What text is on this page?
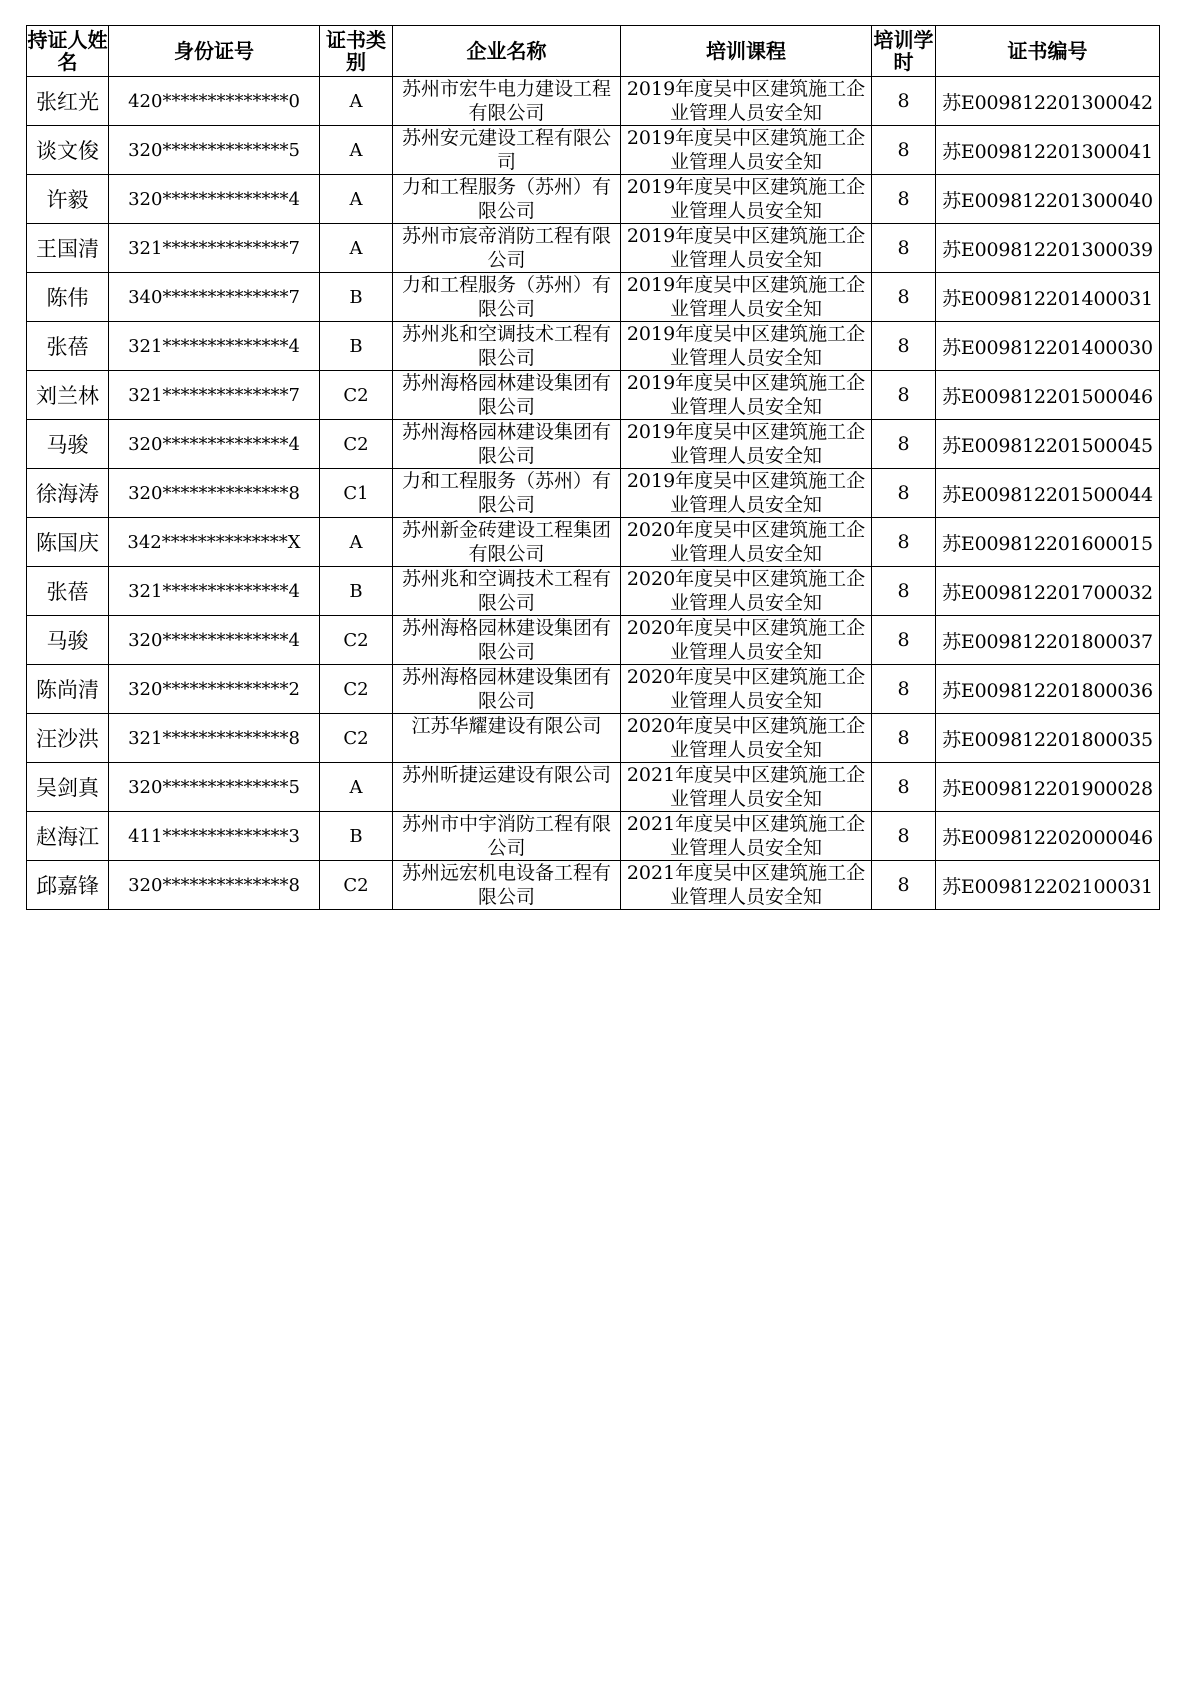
持证人姓名	身份证号	证书类别	企业名称	培训课程	培训学时	证书编号
张红光	420**************0	A	苏州市宏牛电力建设工程有限公司	2019年度吴中区建筑施工企业管理人员安全知	8	苏E009812201300042
谈文俊	320**************5	A	苏州安元建设工程有限公司	2019年度吴中区建筑施工企业管理人员安全知	8	苏E009812201300041
许毅	320**************4	A	力和工程服务（苏州）有限公司	2019年度吴中区建筑施工企业管理人员安全知	8	苏E009812201300040
王国清	321**************7	A	苏州市宸帝消防工程有限公司	2019年度吴中区建筑施工企业管理人员安全知	8	苏E009812201300039
陈伟	340**************7	B	力和工程服务（苏州）有限公司	2019年度吴中区建筑施工企业管理人员安全知	8	苏E009812201400031
张蓓	321**************4	B	苏州兆和空调技术工程有限公司	2019年度吴中区建筑施工企业管理人员安全知	8	苏E009812201400030
刘兰林	321**************7	C2	苏州海格园林建设集团有限公司	2019年度吴中区建筑施工企业管理人员安全知	8	苏E009812201500046
马骏	320**************4	C2	苏州海格园林建设集团有限公司	2019年度吴中区建筑施工企业管理人员安全知	8	苏E009812201500045
徐海涛	320**************8	C1	力和工程服务（苏州）有限公司	2019年度吴中区建筑施工企业管理人员安全知	8	苏E009812201500044
陈国庆	342**************X	A	苏州新金砖建设工程集团有限公司	2020年度吴中区建筑施工企业管理人员安全知	8	苏E009812201600015
张蓓	321**************4	B	苏州兆和空调技术工程有限公司	2020年度吴中区建筑施工企业管理人员安全知	8	苏E009812201700032
马骏	320**************4	C2	苏州海格园林建设集团有限公司	2020年度吴中区建筑施工企业管理人员安全知	8	苏E009812201800037
陈尚清	320**************2	C2	苏州海格园林建设集团有限公司	2020年度吴中区建筑施工企业管理人员安全知	8	苏E009812201800036
汪沙洪	321**************8	C2	江苏华耀建设有限公司	2020年度吴中区建筑施工企业管理人员安全知	8	苏E009812201800035
吴剑真	320**************5	A	苏州昕捷运建设有限公司	2021年度吴中区建筑施工企业管理人员安全知	8	苏E009812201900028
赵海江	411**************3	B	苏州市中宇消防工程有限公司	2021年度吴中区建筑施工企业管理人员安全知	8	苏E009812202000046
邱嘉锋	320**************8	C2	苏州远宏机电设备工程有限公司	2021年度吴中区建筑施工企业管理人员安全知	8	苏E009812202100031
